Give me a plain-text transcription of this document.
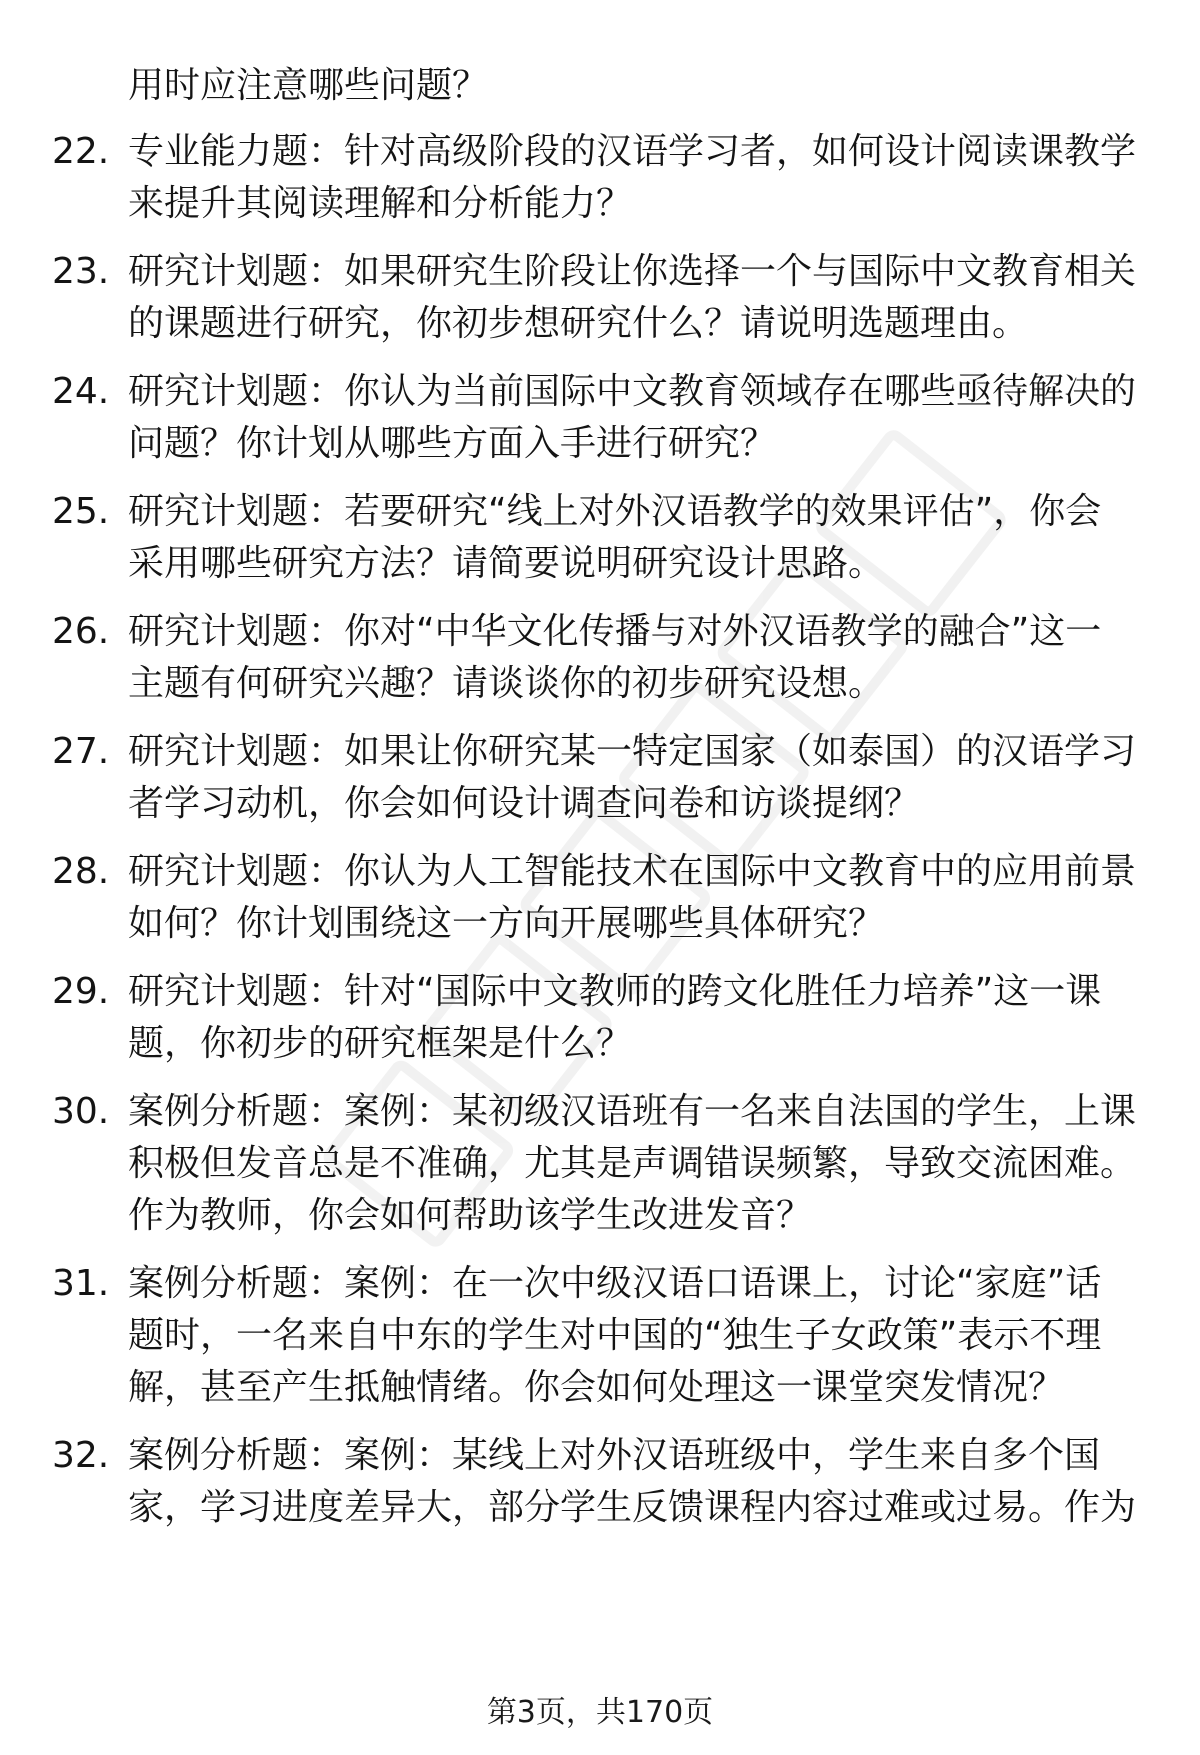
用时应注意哪些问题？
22. 专业能力题：针对高级阶段的汉语学习者，如何设计阅读课教学
来提升其阅读理解和分析能力？
23. 研究计划题：如果研究生阶段让你选择一个与国际中文教育相关
的课题进行研究，你初步想研究什么？请说明选题理由。
24. 研究计划题：你认为当前国际中文教育领域存在哪些亟待解决的
问题？你计划从哪些方面入手进行研究？
25. 研究计划题：若要研究“线上对外汉语教学的效果评估”，你会
采用哪些研究方法？请简要说明研究设计思路。
26. 研究计划题：你对“中华文化传播与对外汉语教学的融合”这一
主题有何研究兴趣？请谈谈你的初步研究设想。
27. 研究计划题：如果让你研究某一特定国家（如泰国）的汉语学习
者学习动机，你会如何设计调查问卷和访谈提纲？
28. 研究计划题：你认为人工智能技术在国际中文教育中的应用前景
如何？你计划围绕这一方向开展哪些具体研究？
29. 研究计划题：针对“国际中文教师的跨文化胜任力培养”这一课
题，你初步的研究框架是什么？
30. 案例分析题：案例：某初级汉语班有一名来自法国的学生，上课
积极但发音总是不准确，尤其是声调错误频繁，导致交流困难。
作为教师，你会如何帮助该学生改进发音？
31. 案例分析题：案例：在一次中级汉语口语课上，讨论“家庭”话
题时，一名来自中东的学生对中国的“独生子女政策”表示不理
解，甚至产生抵触情绪。你会如何处理这一课堂突发情况？
32. 案例分析题：案例：某线上对外汉语班级中，学生来自多个国
家，学习进度差异大，部分学生反馈课程内容过难或过易。作为
第3页，共170页
